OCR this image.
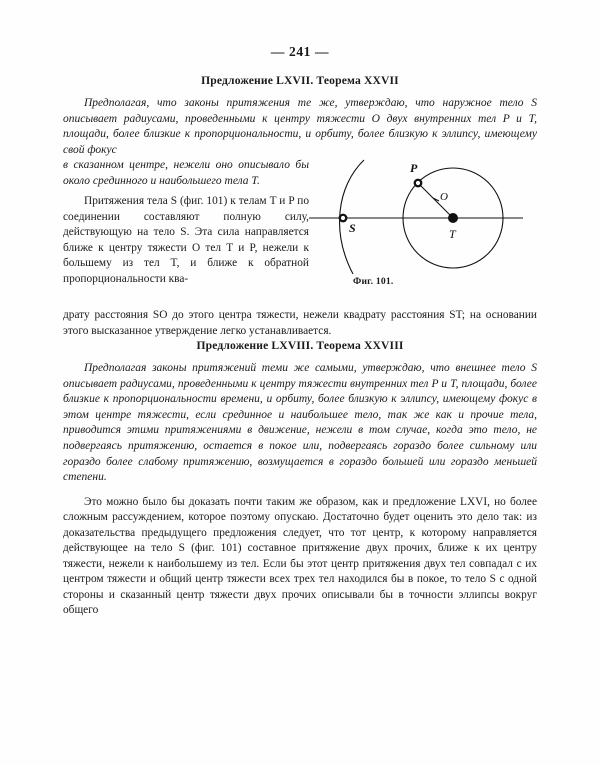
— 241 —
Предложение LXVII. Теорема XXVII

Предполагая, что законы притяжения те же, утверждаю, что наружное тело S описывает радиусами, проведенными к центру тяжести O двух внутренних тел P и T, площади, более близкие к пропорциональности, и орбиту, более близкую к эллипсу, имеющему свой фокус

S
P
O
T
Фиг. 101.

в сказанном центре, нежели оно описывало бы около срединного и наибольшего тела T.

Притяжения тела S (фиг. 101) к телам T и P по соединении составляют полную силу, действующую на тело S. Эта сила направляется ближе к центру тяжести O тел T и P, нежели к большему из тел T, и ближе к обратной пропорциональности ква-

драту расстояния SO до этого центра тяжести, нежели квадрату расстояния ST; на основании этого высказанное утверждение легко устанавливается.

Предложение LXVIII. Теорема XXVIII

Предполагая законы притяжений теми же самыми, утверждаю, что внешнее тело S описывает радиусами, проведенными к центру тяжести внутренних тел P и T, площади, более близкие к пропорциональности времени, и орбиту, более близкую к эллипсу, имеющему фокус в этом центре тяжести, если срединное и наибольшее тело, так же как и прочие тела, приводится этими притяжениями в движение, нежели в том случае, когда это тело, не подвергаясь притяжению, остается в покое или, подвергаясь гораздо более сильному или гораздо более слабому притяжению, возмущается в гораздо большей или гораздо меньшей степени.

Это можно было бы доказать почти таким же образом, как и предложение LXVI, но более сложным рассуждением, которое поэтому опускаю. Достаточно будет оценить это дело так: из доказательства предыдущего предложения следует, что тот центр, к которому направляется действующее на тело S (фиг. 101) составное притяжение двух прочих, ближе к их центру тяжести, нежели к наибольшему из тел. Если бы этот центр притяжения двух тел совпадал с их центром тяжести и общий центр тяжести всех трех тел находился бы в покое, то тело S с одной стороны и сказанный центр тяжести двух прочих описывали бы в точности эллипсы вокруг общего
